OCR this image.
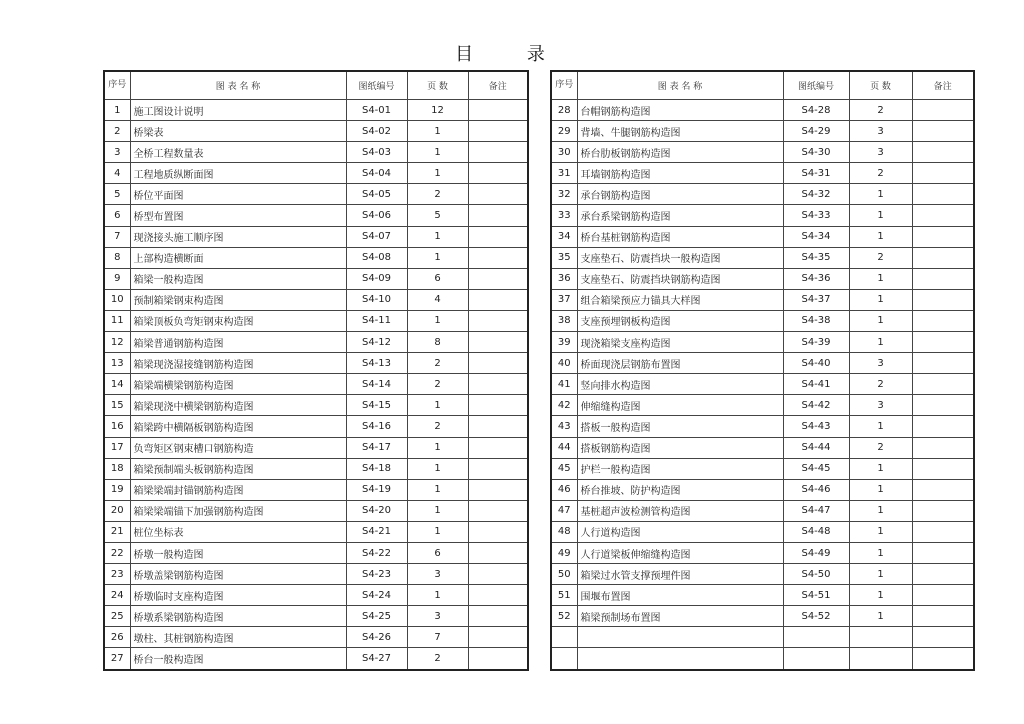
目 录
序号	图 表 名 称	图纸编号	页 数	备注
1	施工图设计说明	S4-01	12	
2	桥梁表	S4-02	1	
3	全桥工程数量表	S4-03	1	
4	工程地质纵断面图	S4-04	1	
5	桥位平面图	S4-05	2	
6	桥型布置图	S4-06	5	
7	现浇接头施工顺序图	S4-07	1	
8	上部构造横断面	S4-08	1	
9	箱梁一般构造图	S4-09	6	
10	预制箱梁钢束构造图	S4-10	4	
11	箱梁顶板负弯矩钢束构造图	S4-11	1	
12	箱梁普通钢筋构造图	S4-12	8	
13	箱梁现浇湿接缝钢筋构造图	S4-13	2	
14	箱梁端横梁钢筋构造图	S4-14	2	
15	箱梁现浇中横梁钢筋构造图	S4-15	1	
16	箱梁跨中横隔板钢筋构造图	S4-16	2	
17	负弯矩区钢束槽口钢筋构造	S4-17	1	
18	箱梁预制端头板钢筋构造图	S4-18	1	
19	箱梁梁端封锚钢筋构造图	S4-19	1	
20	箱梁梁端锚下加强钢筋构造图	S4-20	1	
21	桩位坐标表	S4-21	1	
22	桥墩一般构造图	S4-22	6	
23	桥墩盖梁钢筋构造图	S4-23	3	
24	桥墩临时支座构造图	S4-24	1	
25	桥墩系梁钢筋构造图	S4-25	3	
26	墩柱、其桩钢筋构造图	S4-26	7	
27	桥台一般构造图	S4-27	2	
序号	图 表 名 称	图纸编号	页 数	备注
28	台帽钢筋构造图	S4-28	2	
29	背墙、牛腿钢筋构造图	S4-29	3	
30	桥台肋板钢筋构造图	S4-30	3	
31	耳墙钢筋构造图	S4-31	2	
32	承台钢筋构造图	S4-32	1	
33	承台系梁钢筋构造图	S4-33	1	
34	桥台基桩钢筋构造图	S4-34	1	
35	支座垫石、防震挡块一般构造图	S4-35	2	
36	支座垫石、防震挡块钢筋构造图	S4-36	1	
37	组合箱梁预应力锚具大样图	S4-37	1	
38	支座预埋钢板构造图	S4-38	1	
39	现浇箱梁支座构造图	S4-39	1	
40	桥面现浇层钢筋布置图	S4-40	3	
41	竖向排水构造图	S4-41	2	
42	伸缩缝构造图	S4-42	3	
43	搭板一般构造图	S4-43	1	
44	搭板钢筋构造图	S4-44	2	
45	护栏一般构造图	S4-45	1	
46	桥台推坡、防护构造图	S4-46	1	
47	基桩超声波检测管构造图	S4-47	1	
48	人行道构造图	S4-48	1	
49	人行道梁板伸缩缝构造图	S4-49	1	
50	箱梁过水管支撑预埋件图	S4-50	1	
51	围堰布置图	S4-51	1	
52	箱梁预制场布置图	S4-52	1	
